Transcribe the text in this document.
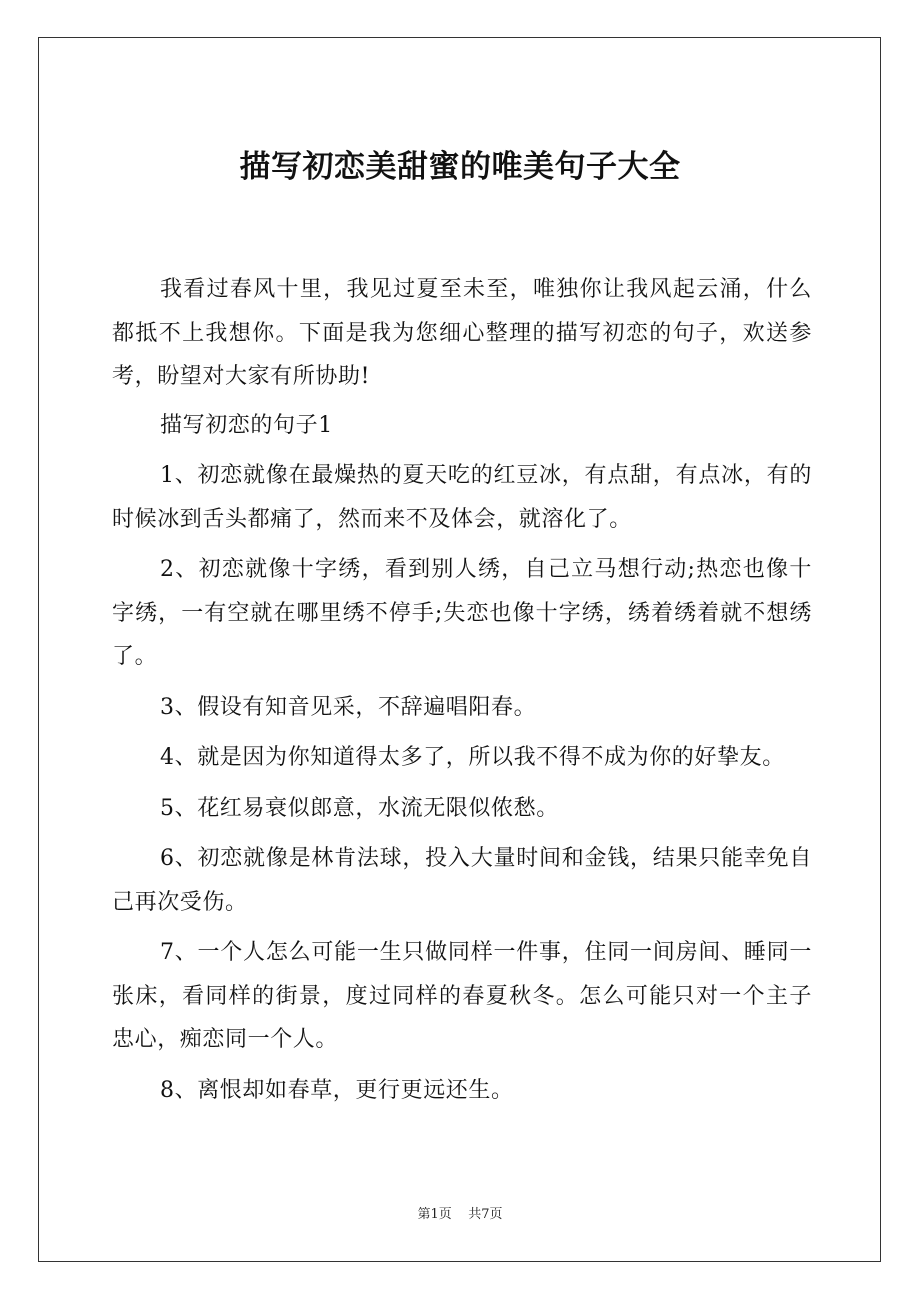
描写初恋美甜蜜的唯美句子大全

我看过春风十里，我见过夏至未至，唯独你让我风起云涌，什么都抵不上我想你。下面是我为您细心整理的描写初恋的句子，欢送参考，盼望对大家有所协助!

描写初恋的句子1

1、初恋就像在最燥热的夏天吃的红豆冰，有点甜，有点冰，有的时候冰到舌头都痛了，然而来不及体会，就溶化了。

2、初恋就像十字绣，看到别人绣，自己立马想行动;热恋也像十字绣，一有空就在哪里绣不停手;失恋也像十字绣，绣着绣着就不想绣了。

3、假设有知音见采，不辞遍唱阳春。

4、就是因为你知道得太多了，所以我不得不成为你的好挚友。

5、花红易衰似郎意，水流无限似侬愁。

6、初恋就像是林肯法球，投入大量时间和金钱，结果只能幸免自己再次受伤。

7、一个人怎么可能一生只做同样一件事，住同一间房间、睡同一张床，看同样的街景，度过同样的春夏秋冬。怎么可能只对一个主子忠心，痴恋同一个人。

8、离恨却如春草，更行更远还生。

第1页 共7页
